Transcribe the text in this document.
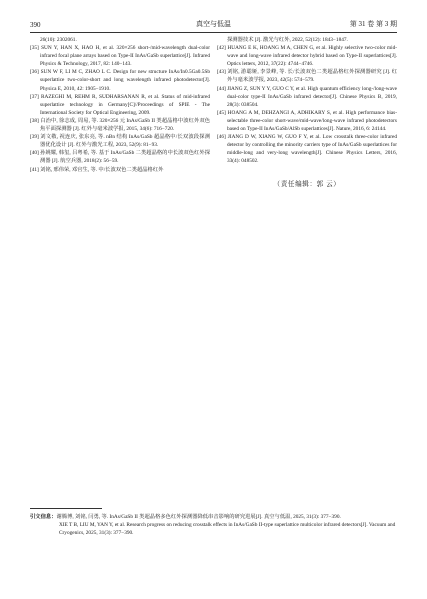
390	真空与低温	第 31 卷 第 3 期

26(10): 2302061.

[35] SUN Y, HAN X, HAO H, et al. 320×256 short-/mid-wavelength dual-color infrared focal plane arrays based on Type-II InAs/GaSb superlattice[J]. Infrared Physics & Technology, 2017, 82: 140−143.

[36] SUN W F, LI M C, ZHAO L C. Design for new structure InAs/In0.5Ga0.5Sb superlattice two-color-short and long wavelength infrared photodetector[J]. Physica E, 2010, 42: 1905−1910.

[37] RAZEGHI M, REHM R, SUDHARSANAN R, et al. Status of mid-infrared superlattice technology in Germany[C]//Proceedings of SPIE - The International Society for Optical Engineering, 2009.

[38] 白治中, 徐志成, 周易, 等. 320×256 元 InAs/GaSb II 类超晶格中波红外双色焦平面探测器 [J]. 红外与毫米波学报, 2015, 34(6): 716−720.

[39] 刘文敬, 祝连庆, 张东亮, 等. nBn 结构 InAs/GaSb 超晶格中/长双波段探测器优化设计 [J]. 红外与激光工程, 2023, 52(9): 81−93.

[40] 孙姚耀, 韩玺, 吕粤希, 等. 基于 InAs/GaSb 二类超晶格的中长波双色红外探测器 [J]. 航空兵器, 2018(2): 56−59.

[41] 刘铭, 邢伟荣, 邓官生, 等. 中/长波双色二类超晶格红外

探测器技术 [J]. 激光与红外, 2022, 52(12): 1843−1847.

[42] HUANG E K, HOANG M A, CHEN G, et al. Highly selective two-color mid-wave and long-wave infrared detector hybrid based on Type-II superlattices[J]. Optics letters, 2012, 37(22): 4744−4746.

[43] 刘铭, 游聪娅, 李景峰, 等. 长/长波双色二类超晶格红外探测器研究 [J]. 红外与毫米波学报, 2023, 42(5): 574−579.

[44] JIANG Z, SUN Y Y, GUO C Y, et al. High quantum efficiency long-/long-wave dual-color type-II InAs/GaSb infrared detector[J]. Chinese Physics B, 2019, 28(3): 038504.

[45] HOANG A M, DEHZANGI A, ADHIKARY S, et al. High performance bias-selectable three-color short-wave/mid-wave/long-wave infrared photodetectors based on Type-II InAs/GaSb/AlSb superlattices[J]. Nature, 2016, 6: 24144.

[46] JIANG D W, XIANG W, GUO F Y, et al. Low crosstalk three-color infrared detector by controlling the minority carriers type of InAs/GaSb superlattices for middle-long and very-long wavelength[J]. Chinese Physics Letters, 2016, 33(4): 048502.

（责任编辑：郭 云）
引文信息：谢腾博, 刘铭, 闫勇, 等. InAs/GaSb II 类超晶格多色红外探测器降低串音影响的研究进展[J]. 真空与低温, 2025, 31(3): 377−390.
XIE T B, LIU M, YAN Y, et al. Research progress on reducing crosstalk effects in InAs/GaSb II-type superlattice multicolor infrared detectors[J]. Vacuum and Cryogenics, 2025, 31(3): 377−390.
